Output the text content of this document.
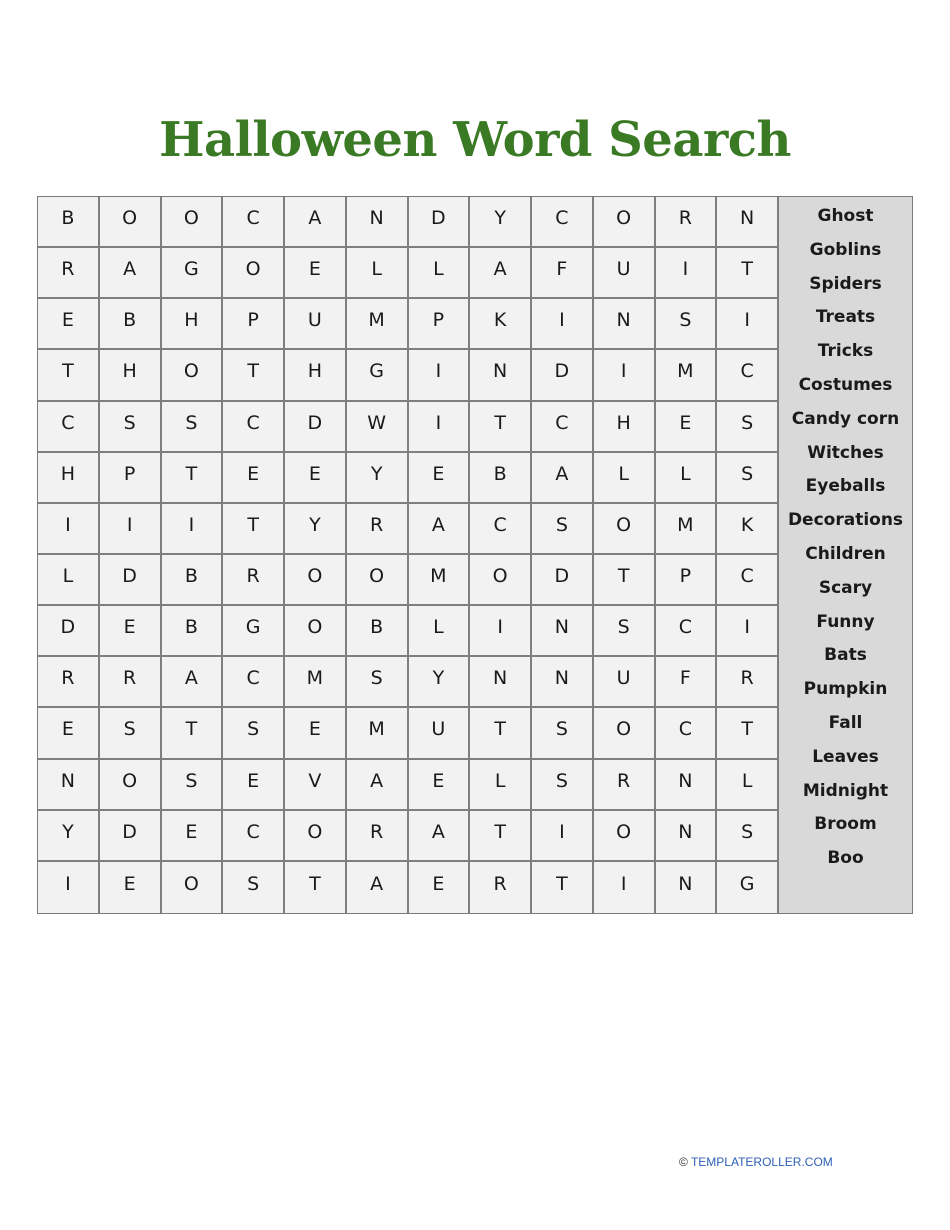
Halloween Word Search
B	O	O	C	A	N	D	Y	C	O	R	N
R	A	G	O	E	L	L	A	F	U	I	T
E	B	H	P	U	M	P	K	I	N	S	I
T	H	O	T	H	G	I	N	D	I	M	C
C	S	S	C	D	W	I	T	C	H	E	S
H	P	T	E	E	Y	E	B	A	L	L	S
I	I	I	T	Y	R	A	C	S	O	M	K
L	D	B	R	O	O	M	O	D	T	P	C
D	E	B	G	O	B	L	I	N	S	C	I
R	R	A	C	M	S	Y	N	N	U	F	R
E	S	T	S	E	M	U	T	S	O	C	T
N	O	S	E	V	A	E	L	S	R	N	L
Y	D	E	C	O	R	A	T	I	O	N	S
I	E	O	S	T	A	E	R	T	I	N	G
Ghost
Goblins
Spiders
Treats
Tricks
Costumes
Candy corn
Witches
Eyeballs
Decorations
Children
Scary
Funny
Bats
Pumpkin
Fall
Leaves
Midnight
Broom
Boo
© TEMPLATEROLLER.COM
